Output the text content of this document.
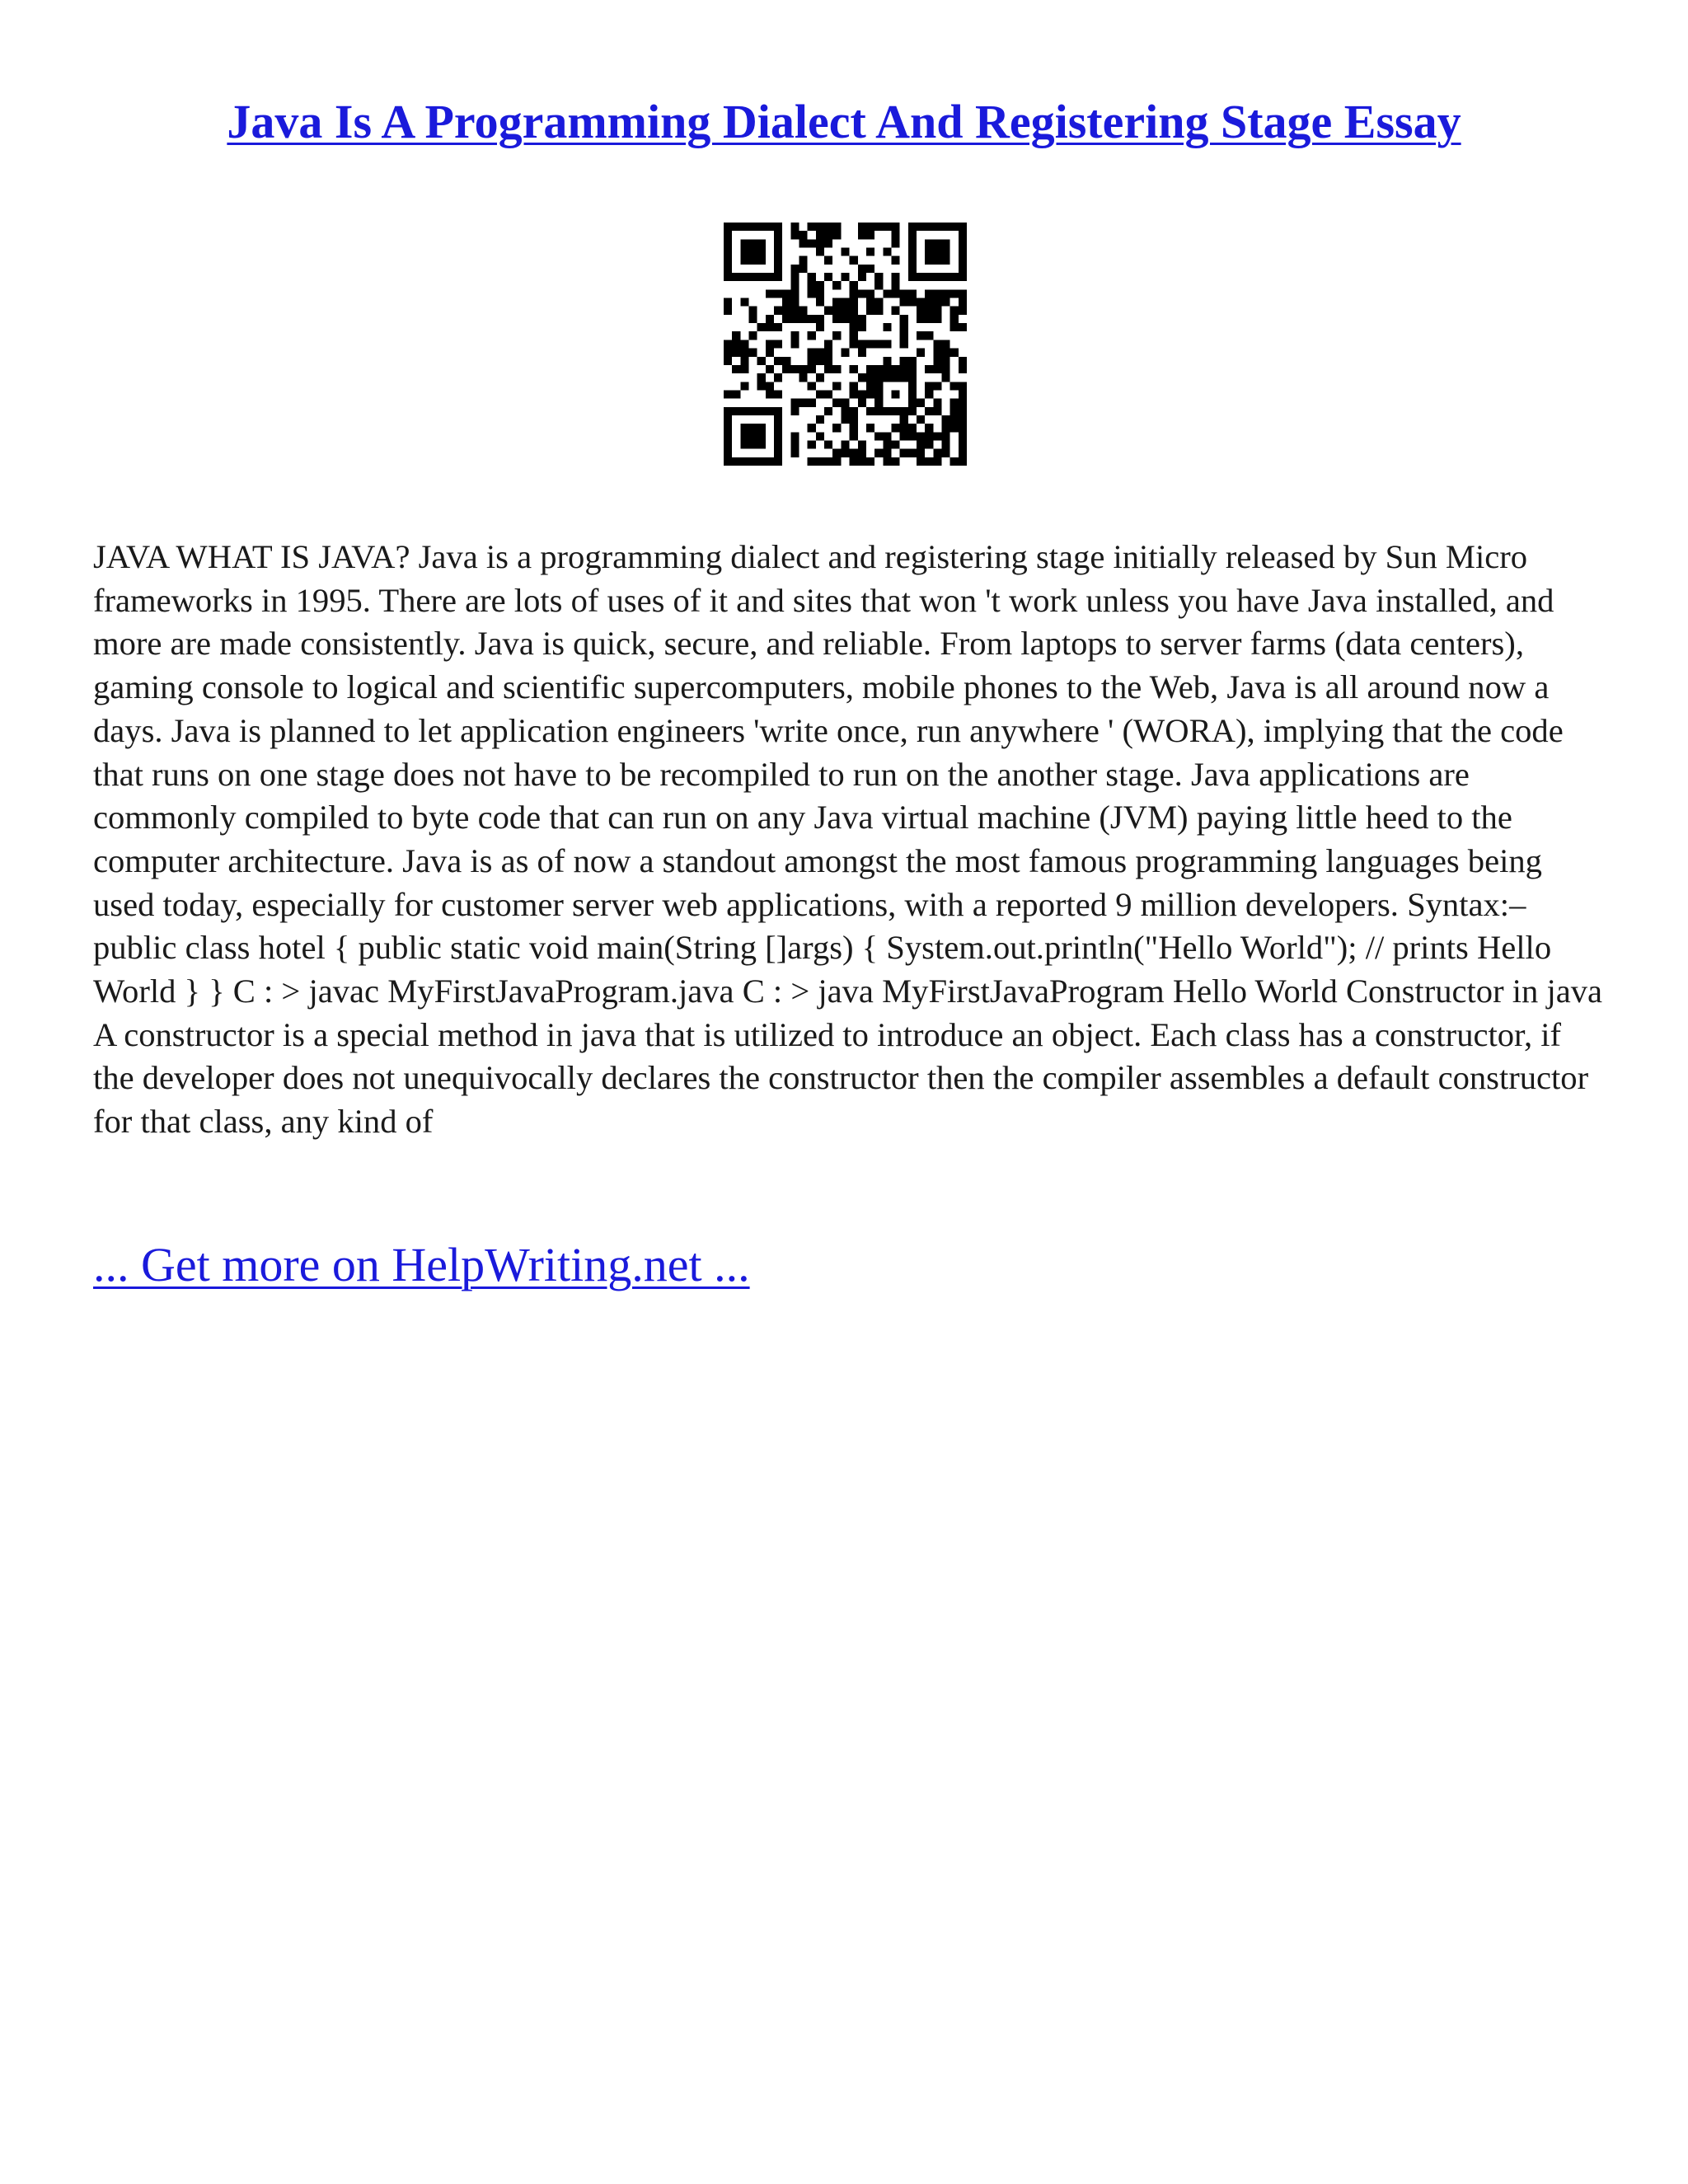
Java Is A Programming Dialect And Registering Stage Essay

JAVA WHAT IS JAVA? Java is a programming dialect and registering stage initially released by Sun Micro frameworks in 1995. There are lots of uses of it and sites that won 't work unless you have Java installed, and more are made consistently. Java is quick, secure, and reliable. From laptops to server farms (data centers), gaming console to logical and scientific supercomputers, mobile phones to the Web, Java is all around now a days. Java is planned to let application engineers 'write once, run anywhere ' (WORA), implying that the code that runs on one stage does not have to be recompiled to run on the another stage. Java applications are commonly compiled to byte code that can run on any Java virtual machine (JVM) paying little heed to the computer architecture. Java is as of now a standout amongst the most famous programming languages being used today, especially for customer server web applications, with a reported 9 million developers. Syntax:– public class hotel { public static void main(String []args) { System.out.println("Hello World"); // prints Hello World } } C : > javac MyFirstJavaProgram.java C : > java MyFirstJavaProgram Hello World Constructor in java A constructor is a special method in java that is utilized to introduce an object. Each class has a constructor, if the developer does not unequivocally declares the constructor then the compiler assembles a default constructor for that class, any kind of

... Get more on HelpWriting.net ...
